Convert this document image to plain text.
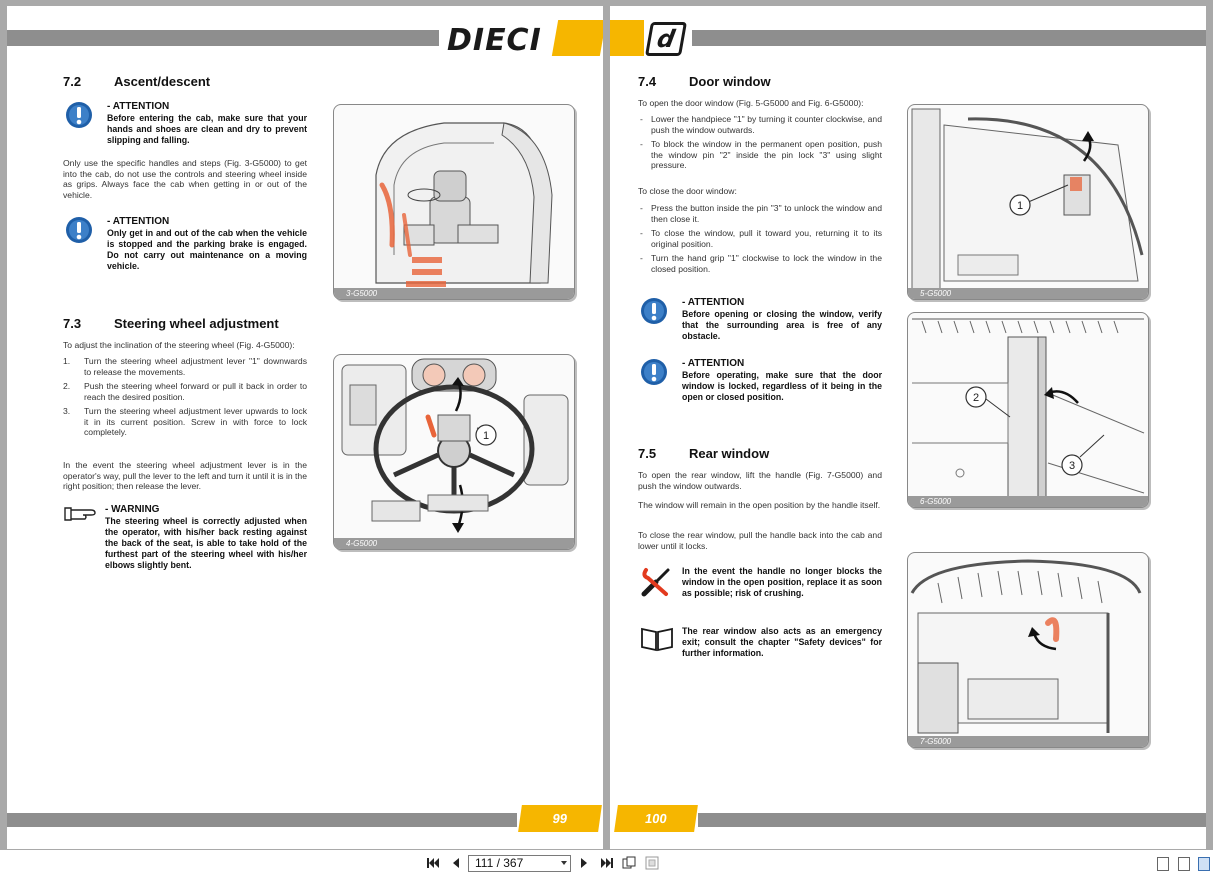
DIECI
7.2	Ascent/descent
- ATTENTION
Before entering the cab, make sure that your hands and shoes are clean and dry to prevent slipping and falling.
Only use the specific handles and steps (Fig. 3-G5000) to get into the cab, do not use the controls and steering wheel inside as grips. Always face the cab when getting in or out of the vehicle.
- ATTENTION
Only get in and out of the cab when the vehicle is stopped and the parking brake is engaged. Do not carry out maintenance on a moving vehicle.
3-G5000
7.3	Steering wheel adjustment
To adjust the inclination of the steering wheel (Fig. 4-G5000):
1.	Turn the steering wheel adjustment lever "1" downwards to release the movements.
2.	Push the steering wheel forward or pull it back in order to reach the desired position.
3.	Turn the steering wheel adjustment lever upwards to lock it in its current position. Screw in with force to lock completely.
In the event the steering wheel adjustment lever is in the operator's way, pull the lever to the left and turn it until it is in the right position; then release the lever.
- WARNING
The steering wheel is correctly adjusted when the operator, with his/her back resting against the back of the seat, is able to take hold of the furthest part of the steering wheel with his/her elbows slightly bent.
1
4-G5000
99
d
7.4	Door window
To open the door window (Fig. 5-G5000 and Fig. 6-G5000):
- Lower the handpiece "1" by turning it counter clockwise, and push the window outwards.
- To block the window in the permanent open position, push the window pin "2" inside the pin lock "3" using slight pressure.
To close the door window:
- Press the button inside the pin "3" to unlock the window and then close it.
- To close the window, pull it toward you, returning it to its original position.
- Turn the hand grip "1" clockwise to lock the window in the closed position.
- ATTENTION
Before opening or closing the window, verify that the surrounding area is free of any obstacle.
- ATTENTION
Before operating, make sure that the door window is locked, regardless of it being in the open or closed position.
7.5	Rear window
To open the rear window, lift the handle (Fig. 7-G5000) and push the window outwards.
The window will remain in the open position by the handle itself.
To close the rear window, pull the handle back into the cab and lower until it locks.
In the event the handle no longer blocks the window in the open position, replace it as soon as possible; risk of crushing.
The rear window also acts as an emergency exit; consult the chapter "Safety devices" for further information.
1
5-G5000
2
3
6-G5000
7-G5000
100
111 / 367
